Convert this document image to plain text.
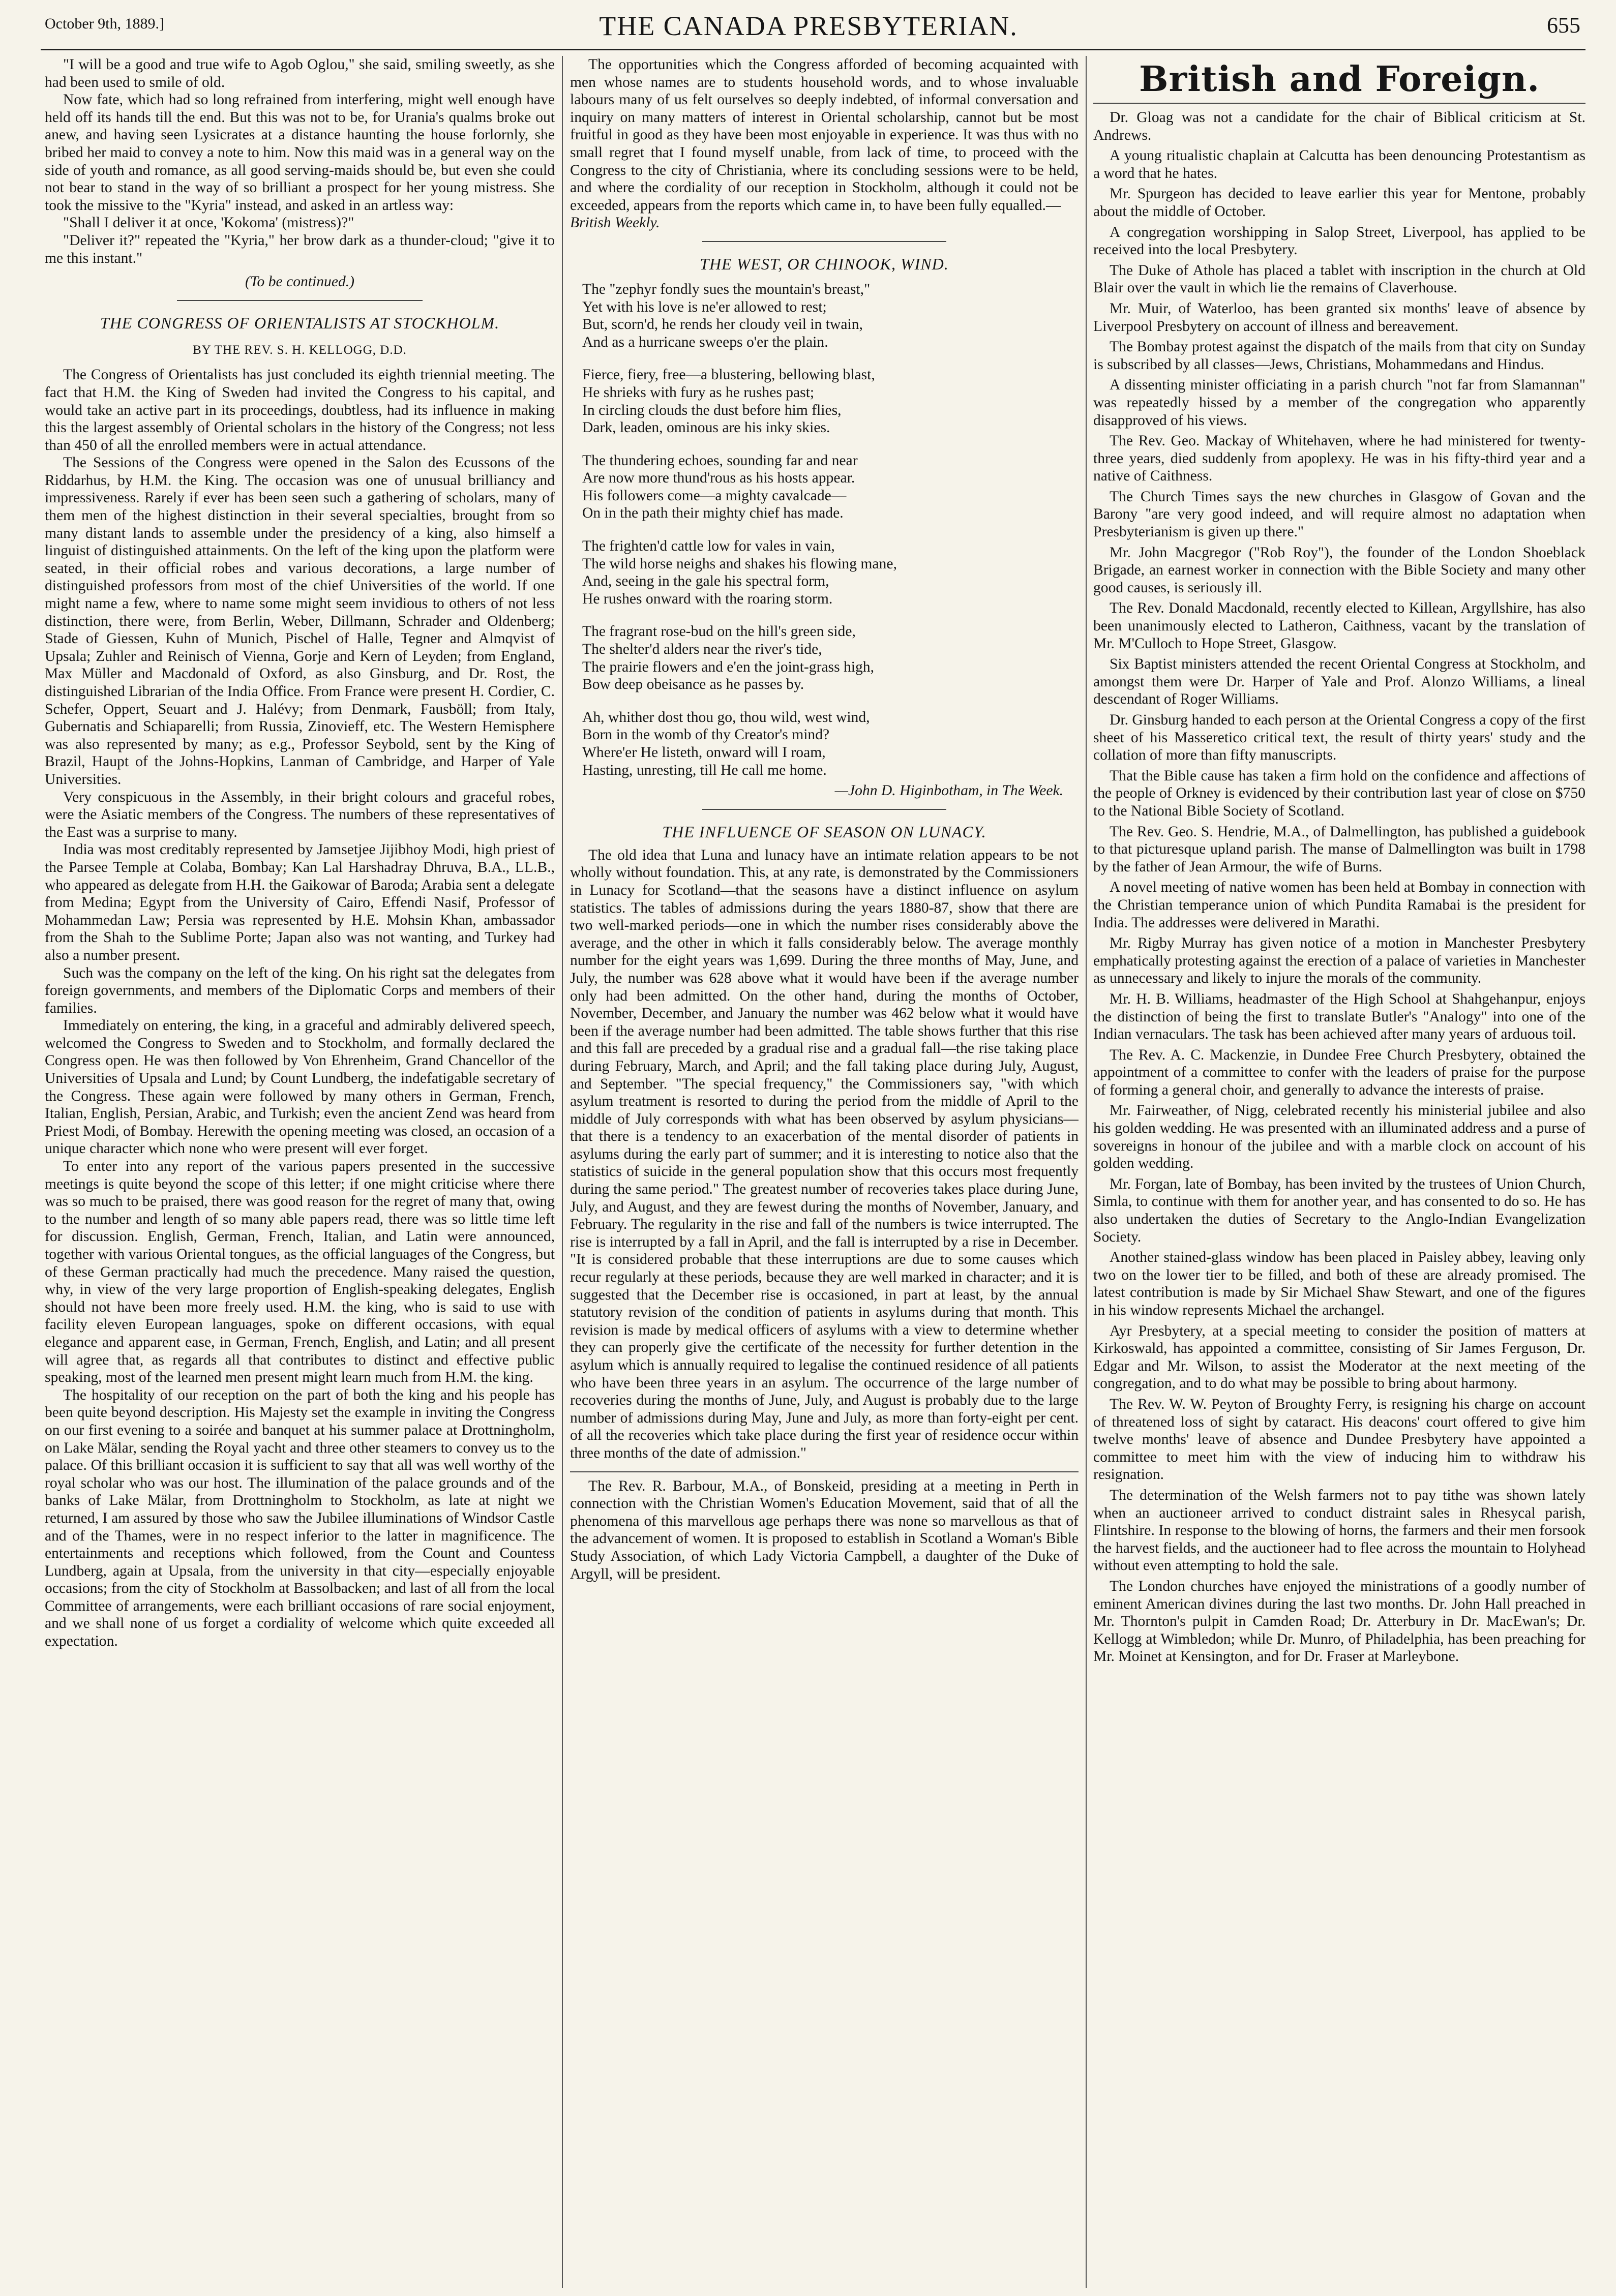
October 9th, 1889.]	THE CANADA PRESBYTERIAN.	655

"I will be a good and true wife to Agob Oglou," she said, smiling sweetly, as she had been used to smile of old.

Now fate, which had so long refrained from interfering, might well enough have held off its hands till the end. But this was not to be, for Urania's qualms broke out anew, and having seen Lysicrates at a distance haunting the house forlornly, she bribed her maid to convey a note to him. Now this maid was in a general way on the side of youth and romance, as all good serving-maids should be, but even she could not bear to stand in the way of so brilliant a prospect for her young mistress. She took the missive to the "Kyria" instead, and asked in an artless way:

"Shall I deliver it at once, 'Kokoma' (mistress)?"

"Deliver it?" repeated the "Kyria," her brow dark as a thunder-cloud; "give it to me this instant."

(To be continued.)

THE CONGRESS OF ORIENTALISTS AT STOCKHOLM.

BY THE REV. S. H. KELLOGG, D.D.

The Congress of Orientalists has just concluded its eighth triennial meeting. The fact that H.M. the King of Sweden had invited the Congress to his capital, and would take an active part in its proceedings, doubtless, had its influence in making this the largest assembly of Oriental scholars in the history of the Congress; not less than 450 of all the enrolled members were in actual attendance.

The Sessions of the Congress were opened in the Salon des Ecussons of the Riddarhus, by H.M. the King. The occasion was one of unusual brilliancy and impressiveness. Rarely if ever has been seen such a gathering of scholars, many of them men of the highest distinction in their several specialties, brought from so many distant lands to assemble under the presidency of a king, also himself a linguist of distinguished attainments. On the left of the king upon the platform were seated, in their official robes and various decorations, a large number of distinguished professors from most of the chief Universities of the world. If one might name a few, where to name some might seem invidious to others of not less distinction, there were, from Berlin, Weber, Dillmann, Schrader and Oldenberg; Stade of Giessen, Kuhn of Munich, Pischel of Halle, Tegner and Almqvist of Upsala; Zuhler and Reinisch of Vienna, Gorje and Kern of Leyden; from England, Max Müller and Macdonald of Oxford, as also Ginsburg, and Dr. Rost, the distinguished Librarian of the India Office. From France were present H. Cordier, C. Schefer, Oppert, Seuart and J. Halévy; from Denmark, Fausböll; from Italy, Gubernatis and Schiaparelli; from Russia, Zinovieff, etc. The Western Hemisphere was also represented by many; as e.g., Professor Seybold, sent by the King of Brazil, Haupt of the Johns-Hopkins, Lanman of Cambridge, and Harper of Yale Universities.

Very conspicuous in the Assembly, in their bright colours and graceful robes, were the Asiatic members of the Congress. The numbers of these representatives of the East was a surprise to many.

India was most creditably represented by Jamsetjee Jijibhoy Modi, high priest of the Parsee Temple at Colaba, Bombay; Kan Lal Harshadray Dhruva, B.A., LL.B., who appeared as delegate from H.H. the Gaikowar of Baroda; Arabia sent a delegate from Medina; Egypt from the University of Cairo, Effendi Nasif, Professor of Mohammedan Law; Persia was represented by H.E. Mohsin Khan, ambassador from the Shah to the Sublime Porte; Japan also was not wanting, and Turkey had also a number present.

Such was the company on the left of the king. On his right sat the delegates from foreign governments, and members of the Diplomatic Corps and members of their families.

Immediately on entering, the king, in a graceful and admirably delivered speech, welcomed the Congress to Sweden and to Stockholm, and formally declared the Congress open. He was then followed by Von Ehrenheim, Grand Chancellor of the Universities of Upsala and Lund; by Count Lundberg, the indefatigable secretary of the Congress. These again were followed by many others in German, French, Italian, English, Persian, Arabic, and Turkish; even the ancient Zend was heard from Priest Modi, of Bombay. Herewith the opening meeting was closed, an occasion of a unique character which none who were present will ever forget.

To enter into any report of the various papers presented in the successive meetings is quite beyond the scope of this letter; if one might criticise where there was so much to be praised, there was good reason for the regret of many that, owing to the number and length of so many able papers read, there was so little time left for discussion. English, German, French, Italian, and Latin were announced, together with various Oriental tongues, as the official languages of the Congress, but of these German practically had much the precedence. Many raised the question, why, in view of the very large proportion of English-speaking delegates, English should not have been more freely used. H.M. the king, who is said to use with facility eleven European languages, spoke on different occasions, with equal elegance and apparent ease, in German, French, English, and Latin; and all present will agree that, as regards all that contributes to distinct and effective public speaking, most of the learned men present might learn much from H.M. the king.

The hospitality of our reception on the part of both the king and his people has been quite beyond description. His Majesty set the example in inviting the Congress on our first evening to a soirée and banquet at his summer palace at Drottningholm, on Lake Mälar, sending the Royal yacht and three other steamers to convey us to the palace. Of this brilliant occasion it is sufficient to say that all was well worthy of the royal scholar who was our host. The illumination of the palace grounds and of the banks of Lake Mälar, from Drottningholm to Stockholm, as late at night we returned, I am assured by those who saw the Jubilee illuminations of Windsor Castle and of the Thames, were in no respect inferior to the latter in magnificence. The entertainments and receptions which followed, from the Count and Countess Lundberg, again at Upsala, from the university in that city—especially enjoyable occasions; from the city of Stockholm at Bassolbacken; and last of all from the local Committee of arrangements, were each brilliant occasions of rare social enjoyment, and we shall none of us forget a cordiality of welcome which quite exceeded all expectation.

The opportunities which the Congress afforded of becoming acquainted with men whose names are to students household words, and to whose invaluable labours many of us felt ourselves so deeply indebted, of informal conversation and inquiry on many matters of interest in Oriental scholarship, cannot but be most fruitful in good as they have been most enjoyable in experience. It was thus with no small regret that I found myself unable, from lack of time, to proceed with the Congress to the city of Christiania, where its concluding sessions were to be held, and where the cordiality of our reception in Stockholm, although it could not be exceeded, appears from the reports which came in, to have been fully equalled.—

British Weekly.

THE WEST, OR CHINOOK, WIND.

The "zephyr fondly sues the mountain's breast,"
Yet with his love is ne'er allowed to rest;
But, scorn'd, he rends her cloudy veil in twain,
And as a hurricane sweeps o'er the plain.
Fierce, fiery, free—a blustering, bellowing blast,
He shrieks with fury as he rushes past;
In circling clouds the dust before him flies,
Dark, leaden, ominous are his inky skies.
The thundering echoes, sounding far and near
Are now more thund'rous as his hosts appear.
His followers come—a mighty cavalcade—
On in the path their mighty chief has made.
The frighten'd cattle low for vales in vain,
The wild horse neighs and shakes his flowing mane,
And, seeing in the gale his spectral form,
He rushes onward with the roaring storm.
The fragrant rose-bud on the hill's green side,
The shelter'd alders near the river's tide,
The prairie flowers and e'en the joint-grass high,
Bow deep obeisance as he passes by.
Ah, whither dost thou go, thou wild, west wind,
Born in the womb of thy Creator's mind?
Where'er He listeth, onward will I roam,
Hasting, unresting, till He call me home.
—John D. Higinbotham, in The Week.

THE INFLUENCE OF SEASON ON LUNACY.

The old idea that Luna and lunacy have an intimate relation appears to be not wholly without foundation. This, at any rate, is demonstrated by the Commissioners in Lunacy for Scotland—that the seasons have a distinct influence on asylum statistics. The tables of admissions during the years 1880-87, show that there are two well-marked periods—one in which the number rises considerably above the average, and the other in which it falls considerably below. The average monthly number for the eight years was 1,699. During the three months of May, June, and July, the number was 628 above what it would have been if the average number only had been admitted. On the other hand, during the months of October, November, December, and January the number was 462 below what it would have been if the average number had been admitted. The table shows further that this rise and this fall are preceded by a gradual rise and a gradual fall—the rise taking place during February, March, and April; and the fall taking place during July, August, and September. "The special frequency," the Commissioners say, "with which asylum treatment is resorted to during the period from the middle of April to the middle of July corresponds with what has been observed by asylum physicians—that there is a tendency to an exacerbation of the mental disorder of patients in asylums during the early part of summer; and it is interesting to notice also that the statistics of suicide in the general population show that this occurs most frequently during the same period." The greatest number of recoveries takes place during June, July, and August, and they are fewest during the months of November, January, and February. The regularity in the rise and fall of the numbers is twice interrupted. The rise is interrupted by a fall in April, and the fall is interrupted by a rise in December. "It is considered probable that these interruptions are due to some causes which recur regularly at these periods, because they are well marked in character; and it is suggested that the December rise is occasioned, in part at least, by the annual statutory revision of the condition of patients in asylums during that month. This revision is made by medical officers of asylums with a view to determine whether they can properly give the certificate of the necessity for further detention in the asylum which is annually required to legalise the continued residence of all patients who have been three years in an asylum. The occurrence of the large number of recoveries during the months of June, July, and August is probably due to the large number of admissions during May, June and July, as more than forty-eight per cent. of all the recoveries which take place during the first year of residence occur within three months of the date of admission."

The Rev. R. Barbour, M.A., of Bonskeid, presiding at a meeting in Perth in connection with the Christian Women's Education Movement, said that of all the phenomena of this marvellous age perhaps there was none so marvellous as that of the advancement of women. It is proposed to establish in Scotland a Woman's Bible Study Association, of which Lady Victoria Campbell, a daughter of the Duke of Argyll, will be president.

British and Foreign.

Dr. Gloag was not a candidate for the chair of Biblical criticism at St. Andrews.

A young ritualistic chaplain at Calcutta has been denouncing Protestantism as a word that he hates.

Mr. Spurgeon has decided to leave earlier this year for Mentone, probably about the middle of October.

A congregation worshipping in Salop Street, Liverpool, has applied to be received into the local Presbytery.

The Duke of Athole has placed a tablet with inscription in the church at Old Blair over the vault in which lie the remains of Claverhouse.

Mr. Muir, of Waterloo, has been granted six months' leave of absence by Liverpool Presbytery on account of illness and bereavement.

The Bombay protest against the dispatch of the mails from that city on Sunday is subscribed by all classes—Jews, Christians, Mohammedans and Hindus.

A dissenting minister officiating in a parish church "not far from Slamannan" was repeatedly hissed by a member of the congregation who apparently disapproved of his views.

The Rev. Geo. Mackay of Whitehaven, where he had ministered for twenty-three years, died suddenly from apoplexy. He was in his fifty-third year and a native of Caithness.

The Church Times says the new churches in Glasgow of Govan and the Barony "are very good indeed, and will require almost no adaptation when Presbyterianism is given up there."

Mr. John Macgregor ("Rob Roy"), the founder of the London Shoeblack Brigade, an earnest worker in connection with the Bible Society and many other good causes, is seriously ill.

The Rev. Donald Macdonald, recently elected to Killean, Argyllshire, has also been unanimously elected to Latheron, Caithness, vacant by the translation of Mr. M'Culloch to Hope Street, Glasgow.

Six Baptist ministers attended the recent Oriental Congress at Stockholm, and amongst them were Dr. Harper of Yale and Prof. Alonzo Williams, a lineal descendant of Roger Williams.

Dr. Ginsburg handed to each person at the Oriental Congress a copy of the first sheet of his Masseretico critical text, the result of thirty years' study and the collation of more than fifty manuscripts.

That the Bible cause has taken a firm hold on the confidence and affections of the people of Orkney is evidenced by their contribution last year of close on $750 to the National Bible Society of Scotland.

The Rev. Geo. S. Hendrie, M.A., of Dalmellington, has published a guidebook to that picturesque upland parish. The manse of Dalmellington was built in 1798 by the father of Jean Armour, the wife of Burns.

A novel meeting of native women has been held at Bombay in connection with the Christian temperance union of which Pundita Ramabai is the president for India. The addresses were delivered in Marathi.

Mr. Rigby Murray has given notice of a motion in Manchester Presbytery emphatically protesting against the erection of a palace of varieties in Manchester as unnecessary and likely to injure the morals of the community.

Mr. H. B. Williams, headmaster of the High School at Shahgehanpur, enjoys the distinction of being the first to translate Butler's "Analogy" into one of the Indian vernaculars. The task has been achieved after many years of arduous toil.

The Rev. A. C. Mackenzie, in Dundee Free Church Presbytery, obtained the appointment of a committee to confer with the leaders of praise for the purpose of forming a general choir, and generally to advance the interests of praise.

Mr. Fairweather, of Nigg, celebrated recently his ministerial jubilee and also his golden wedding. He was presented with an illuminated address and a purse of sovereigns in honour of the jubilee and with a marble clock on account of his golden wedding.

Mr. Forgan, late of Bombay, has been invited by the trustees of Union Church, Simla, to continue with them for another year, and has consented to do so. He has also undertaken the duties of Secretary to the Anglo-Indian Evangelization Society.

Another stained-glass window has been placed in Paisley abbey, leaving only two on the lower tier to be filled, and both of these are already promised. The latest contribution is made by Sir Michael Shaw Stewart, and one of the figures in his window represents Michael the archangel.

Ayr Presbytery, at a special meeting to consider the position of matters at Kirkoswald, has appointed a committee, consisting of Sir James Ferguson, Dr. Edgar and Mr. Wilson, to assist the Moderator at the next meeting of the congregation, and to do what may be possible to bring about harmony.

The Rev. W. W. Peyton of Broughty Ferry, is resigning his charge on account of threatened loss of sight by cataract. His deacons' court offered to give him twelve months' leave of absence and Dundee Presbytery have appointed a committee to meet him with the view of inducing him to withdraw his resignation.

The determination of the Welsh farmers not to pay tithe was shown lately when an auctioneer arrived to conduct distraint sales in Rhesycal parish, Flintshire. In response to the blowing of horns, the farmers and their men forsook the harvest fields, and the auctioneer had to flee across the mountain to Holyhead without even attempting to hold the sale.

The London churches have enjoyed the ministrations of a goodly number of eminent American divines during the last two months. Dr. John Hall preached in Mr. Thornton's pulpit in Camden Road; Dr. Atterbury in Dr. MacEwan's; Dr. Kellogg at Wimbledon; while Dr. Munro, of Philadelphia, has been preaching for Mr. Moinet at Kensington, and for Dr. Fraser at Marleybone.
